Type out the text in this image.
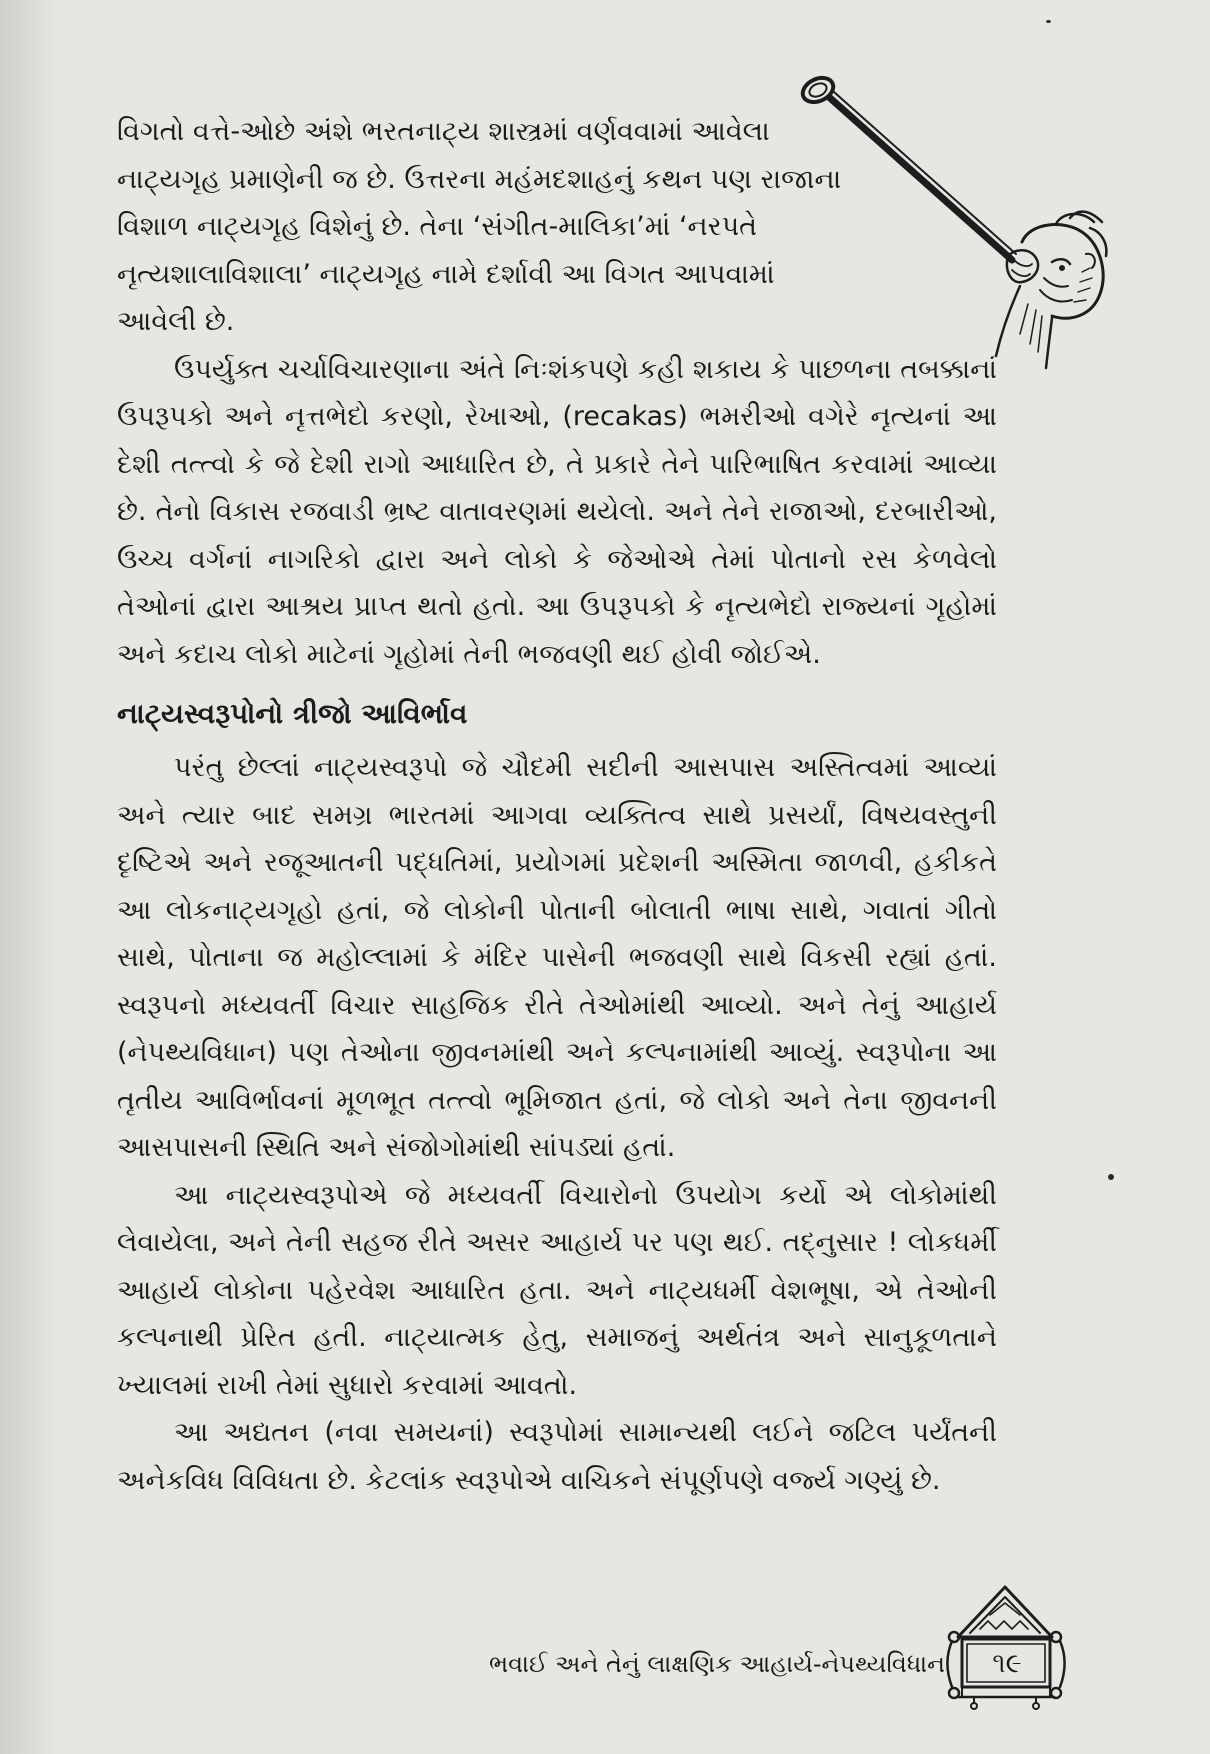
વિગતો વત્તે-ઓછે અંશે ભરતનાટ્ય શાસ્ત્રમાં વર્ણવવામાં આવેલા નાટ્યગૃહ પ્રમાણેની જ છે. ઉત્તરના મહંમદશાહનું કથન પણ રાજાના વિશાળ નાટ્યગૃહ વિશેનું છે. તેના ‘સંગીત-માલિકા’માં ‘નરપતે નૃત્યશાલાવિશાલા’ નાટ્યગૃહ નામે દર્શાવી આ વિગત આપવામાં આવેલી છે.

ઉપર્યુક્ત ચર્ચાવિચારણાના અંતે નિઃશંકપણે કહી શકાય કે પાછળના તબક્કાનાં ઉપરૂપકો અને નૃત્તભેદો કરણો, રેખાઓ, (recakas) ભમરીઓ વગેરે નૃત્યનાં આ દેશી તત્ત્વો કે જે દેશી રાગો આધારિત છે, તે પ્રકારે તેને પારિભાષિત કરવામાં આવ્યા છે. તેનો વિકાસ રજવાડી ભ્રષ્ટ વાતાવરણમાં થયેલો. અને તેને રાજાઓ, દરબારીઓ, ઉચ્ચ વર્ગનાં નાગરિકો દ્વારા અને લોકો કે જેઓએ તેમાં પોતાનો રસ કેળવેલો તેઓનાં દ્વારા આશ્રય પ્રાપ્ત થતો હતો. આ ઉપરૂપકો કે નૃત્યભેદો રાજ્યનાં ગૃહોમાં અને કદાચ લોકો માટેનાં ગૃહોમાં તેની ભજવણી થઈ હોવી જોઈએ.

નાટ્યસ્વરૂપોનો ત્રીજો આવિર્ભાવ

પરંતુ છેલ્લાં નાટ્યસ્વરૂપો જે ચૌદમી સદીની આસપાસ અસ્તિત્વમાં આવ્યાં અને ત્યાર બાદ સમગ્ર ભારતમાં આગવા વ્યક્તિત્વ સાથે પ્રસર્યાં, વિષયવસ્તુની દૃષ્ટિએ અને રજૂઆતની પદ્ધતિમાં, પ્રયોગમાં પ્રદેશની અસ્મિતા જાળવી, હકીકતે આ લોકનાટ્યગૃહો હતાં, જે લોકોની પોતાની બોલાતી ભાષા સાથે, ગવાતાં ગીતો સાથે, પોતાના જ મહોલ્લામાં કે મંદિર પાસેની ભજવણી સાથે વિકસી રહ્યાં હતાં. સ્વરૂપનો મધ્યવર્તી વિચાર સાહજિક રીતે તેઓમાંથી આવ્યો. અને તેનું આહાર્ય (નેપથ્યવિધાન) પણ તેઓના જીવનમાંથી અને કલ્પનામાંથી આવ્યું. સ્વરૂપોના આ તૃતીય આવિર્ભાવનાં મૂળભૂત તત્ત્વો ભૂમિજાત હતાં, જે લોકો અને તેના જીવનની આસપાસની સ્થિતિ અને સંજોગોમાંથી સાંપડ્યાં હતાં.

આ નાટ્યસ્વરૂપોએ જે મધ્યવર્તી વિચારોનો ઉપયોગ કર્યો એ લોકોમાંથી લેવાયેલા, અને તેની સહજ રીતે અસર આહાર્ય પર પણ થઈ. તદ્નુસાર ! લોકધર્મી આહાર્ય લોકોના પહેરવેશ આધારિત હતા. અને નાટ્યધર્મી વેશભૂષા, એ તેઓની કલ્પનાથી પ્રેરિત હતી. નાટ્યાત્મક હેતુ, સમાજનું અર્થતંત્ર અને સાનુકૂળતાને ખ્યાલમાં રાખી તેમાં સુધારો કરવામાં આવતો.

આ અદ્યતન (નવા સમયનાં) સ્વરૂપોમાં સામાન્યથી લઈને જટિલ પર્યંતની અનેકવિધ વિવિધતા છે. કેટલાંક સ્વરૂપોએ વાચિકને સંપૂર્ણપણે વર્જ્ય ગણ્યું છે.

ભવાઈ અને તેનું લાક્ષણિક આહાર્ય-નેપથ્યવિધાન	૧૯
